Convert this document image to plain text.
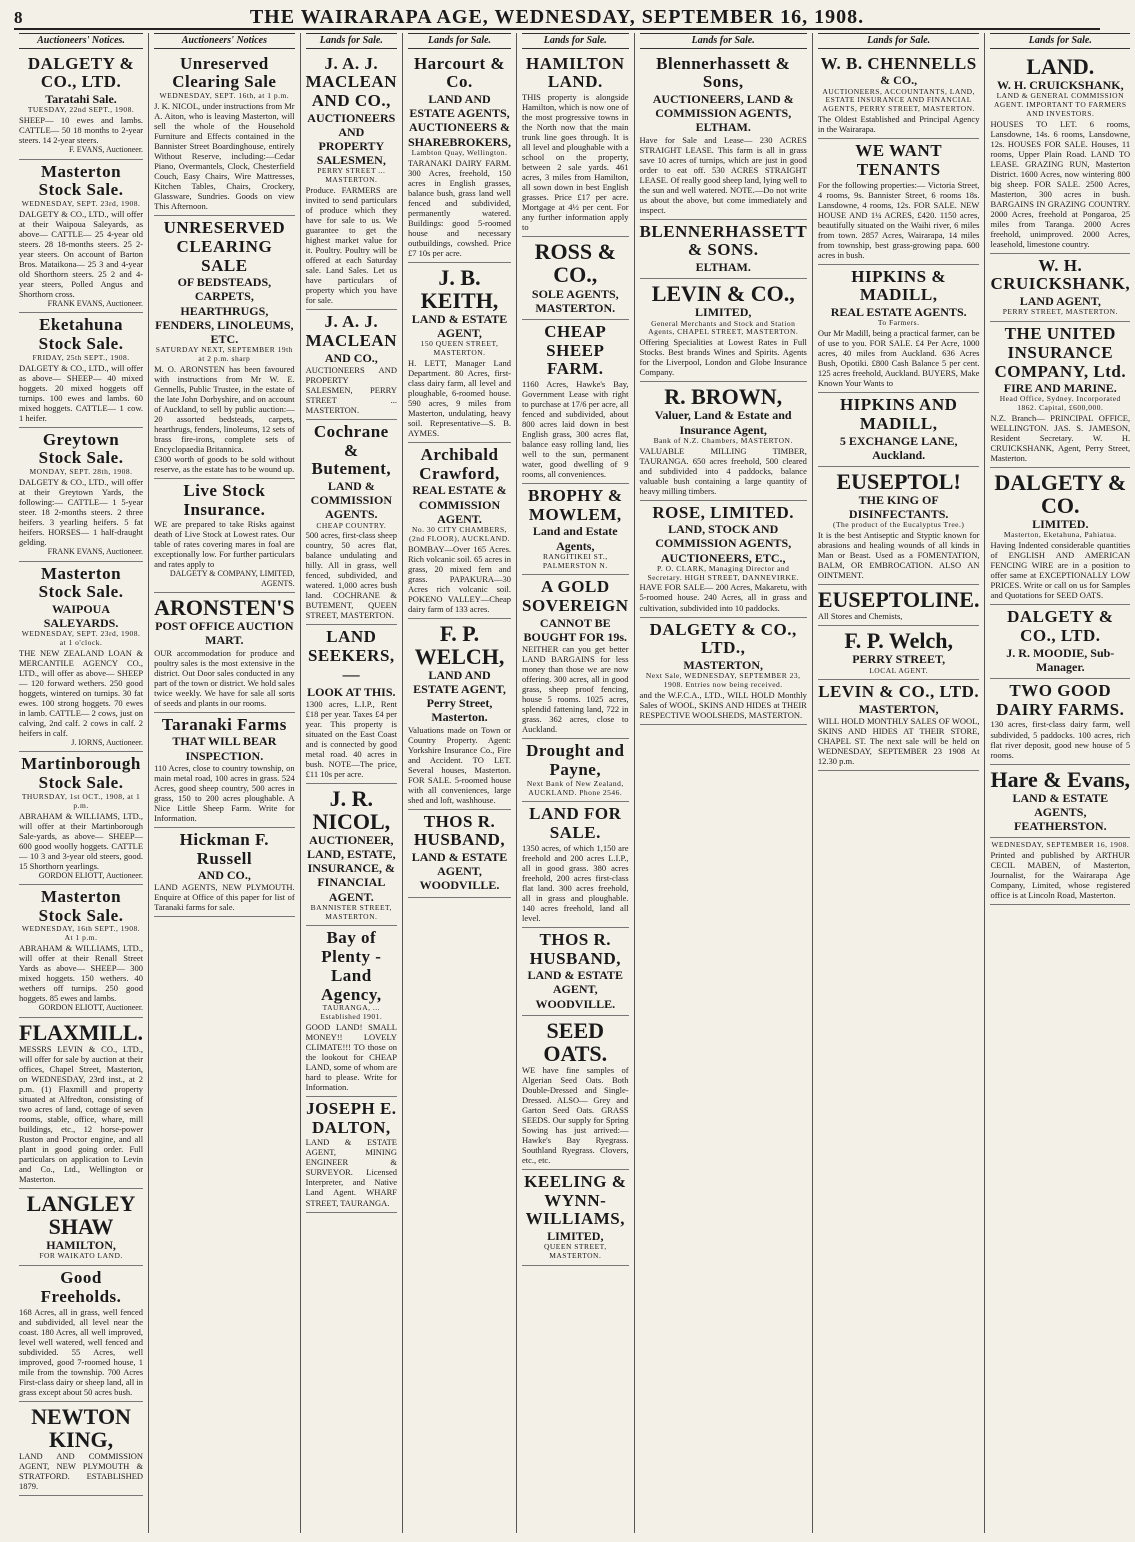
8	THE WAIRARAPA AGE, WEDNESDAY, SEPTEMBER 16, 1908.
Auctioneers' Notices.
DALGETY & CO., LTD.
Taratahi Sale.
TUESDAY, 22nd SEPT., 1908.
SHEEP— 10 ewes and lambs. CATTLE— 50 18 months to 2-year steers. 14 2-year steers.
F. EVANS, Auctioneer.
Masterton Stock Sale.
WEDNESDAY, SEPT. 23rd, 1908.
DALGETY & CO., LTD., will offer at their Waipoua Saleyards, as above— CATTLE— 25 4-year old steers. 28 18-months steers. 25 2-year steers. On account of Barton Bros. Mataikona— 25 3 and 4-year old Shorthorn steers. 25 2 and 4-year steers, Polled Angus and Shorthorn cross.
FRANK EVANS, Auctioneer.
Eketahuna Stock Sale.
FRIDAY, 25th SEPT., 1908.
DALGETY & CO., LTD., will offer as above— SHEEP— 40 mixed hoggets. 20 mixed hoggets off turnips. 100 ewes and lambs. 60 mixed hoggets. CATTLE— 1 cow. 1 heifer.
Greytown Stock Sale.
MONDAY, SEPT. 28th, 1908.
DALGETY & CO., LTD., will offer at their Greytown Yards, the following:— CATTLE— 1 5-year steer. 18 2-months steers. 2 three heifers. 3 yearling heifers. 5 fat heifers. HORSES— 1 half-draught gelding.
FRANK EVANS, Auctioneer.
Masterton Stock Sale.
WAIPOUA SALEYARDS.
WEDNESDAY, SEPT. 23rd, 1908. at 1 o'clock.
THE NEW ZEALAND LOAN & MERCANTILE AGENCY CO., LTD., will offer as above— SHEEP— 120 forward wethers. 250 good hoggets, wintered on turnips. 30 fat ewes. 100 strong hoggets. 70 ewes in lamb. CATTLE— 2 cows, just on calving, 2nd calf. 2 cows in calf. 2 heifers in calf.
J. IORNS, Auctioneer.
Martinborough Stock Sale.
THURSDAY, 1st OCT., 1908, at 1 p.m.
ABRAHAM & WILLIAMS, LTD., will offer at their Martinborough Sale-yards, as above— SHEEP— 600 good woolly hoggets. CATTLE— 10 3 and 3-year old steers, good. 15 Shorthorn yearlings.
GORDON ELIOTT, Auctioneer.
Masterton Stock Sale.
WEDNESDAY, 16th SEPT., 1908. At 1 p.m.
ABRAHAM & WILLIAMS, LTD., will offer at their Renall Street Yards as above— SHEEP— 300 mixed hoggets. 150 wethers. 40 wethers off turnips. 250 good hoggets. 85 ewes and lambs.
GORDON ELIOTT, Auctioneer.
FLAXMILL.
MESSRS LEVIN & CO., LTD., will offer for sale by auction at their offices, Chapel Street, Masterton, on WEDNESDAY, 23rd inst., at 2 p.m. (1) Flaxmill and property situated at Alfredton, consisting of two acres of land, cottage of seven rooms, stable, office, whare, mill buildings, etc., 12 horse-power Ruston and Proctor engine, and all plant in good going order. Full particulars on application to Levin and Co., Ltd., Wellington or Masterton.
LANGLEY SHAW
HAMILTON,
FOR WAIKATO LAND.
Good Freeholds.
168 Acres, all in grass, well fenced and subdivided, all level near the coast. 180 Acres, all well improved, level well watered, well fenced and subdivided. 55 Acres, well improved, good 7-roomed house, 1 mile from the township. 700 Acres First-class dairy or sheep land, all in grass except about 50 acres bush.
NEWTON KING,
LAND AND COMMISSION AGENT, NEW PLYMOUTH & STRATFORD. ESTABLISHED 1879.
Auctioneers' Notices
Unreserved Clearing Sale
WEDNESDAY, SEPT. 16th, at 1 p.m.
J. K. NICOL, under instructions from Mr A. Aiton, who is leaving Masterton, will sell the whole of the Household Furniture and Effects contained in the Bannister Street Boardinghouse, entirely Without Reserve, including:—Cedar Piano, Overmantels, Clock, Chesterfield Couch, Easy Chairs, Wire Mattresses, Kitchen Tables, Chairs, Crockery, Glassware, Sundries. Goods on view This Afternoon.
UNRESERVED CLEARING SALE
OF BEDSTEADS, CARPETS, HEARTHRUGS, FENDERS, LINOLEUMS, ETC.
SATURDAY NEXT, SEPTEMBER 19th at 2 p.m. sharp
M. O. ARONSTEN has been favoured with instructions from Mr W. E. Gennells, Public Trustee, in the estate of the late John Dorbyshire, and on account of Auckland, to sell by public auction:— 20 assorted bedsteads, carpets, hearthrugs, fenders, linoleums, 12 sets of brass fire-irons, complete sets of Encyclopaedia Britannica.
£300 worth of goods to be sold without reserve, as the estate has to be wound up.
Live Stock Insurance.
WE are prepared to take Risks against death of Live Stock at Lowest rates. Our table of rates covering mares in foal are exceptionally low. For further particulars and rates apply to
DALGETY & COMPANY, LIMITED, AGENTS.
ARONSTEN'S
POST OFFICE AUCTION MART.
OUR accommodation for produce and poultry sales is the most extensive in the district. Out Door sales conducted in any part of the town or district. We hold sales twice weekly. We have for sale all sorts of seeds and plants in our rooms.
Taranaki Farms
THAT WILL BEAR INSPECTION.
110 Acres, close to country township, on main metal road, 100 acres in grass. 524 Acres, good sheep country, 500 acres in grass, 150 to 200 acres ploughable. A Nice Little Sheep Farm. Write for Information.
Hickman F. Russell
AND CO.,
LAND AGENTS, NEW PLYMOUTH. Enquire at Office of this paper for list of Taranaki farms for sale.
Lands for Sale.
J. A. J. MACLEAN AND CO.,
AUCTIONEERS AND PROPERTY SALESMEN,
PERRY STREET ... MASTERTON.
Produce. FARMERS are invited to send particulars of produce which they have for sale to us. We guarantee to get the highest market value for it. Poultry. Poultry will be offered at each Saturday sale. Land Sales. Let us have particulars of property which you have for sale.
J. A. J. MACLEAN
AND CO.,
AUCTIONEERS AND PROPERTY SALESMEN, PERRY STREET ... MASTERTON.
Cochrane & Butement,
LAND & COMMISSION AGENTS.
CHEAP COUNTRY.
500 acres, first-class sheep country, 50 acres flat, balance undulating and hilly. All in grass, well fenced, subdivided, and watered. 1,000 acres bush land. COCHRANE & BUTEMENT, QUEEN STREET, MASTERTON.
LAND SEEKERS,—
LOOK AT THIS.
1300 acres, L.I.P., Rent £18 per year. Taxes £4 per year. This property is situated on the East Coast and is connected by good metal road. 40 acres in bush. NOTE—The price, £11 10s per acre.
J. R. NICOL,
AUCTIONEER, LAND, ESTATE, INSURANCE, & FINANCIAL AGENT.
BANNISTER STREET, MASTERTON.
Bay of Plenty - Land Agency,
TAURANGA, ... Established 1901.
GOOD LAND! SMALL MONEY!! LOVELY CLIMATE!!! TO those on the lookout for CHEAP LAND, some of whom are hard to please. Write for Information.
JOSEPH E. DALTON,
LAND & ESTATE AGENT, MINING ENGINEER & SURVEYOR. Licensed Interpreter, and Native Land Agent. WHARF STREET, TAURANGA.
Lands for Sale.
Harcourt & Co.
LAND AND ESTATE AGENTS, AUCTIONEERS & SHAREBROKERS,
Lambton Quay, Wellington.
TARANAKI DAIRY FARM. 300 Acres, freehold, 150 acres in English grasses, balance bush, grass land well fenced and subdivided, permanently watered. Buildings: good 5-roomed house and necessary outbuildings, cowshed. Price £7 10s per acre.
J. B. KEITH,
LAND & ESTATE AGENT,
150 QUEEN STREET, MASTERTON.
H. LETT, Manager Land Department. 80 Acres, first-class dairy farm, all level and ploughable, 6-roomed house. 590 acres, 9 miles from Masterton, undulating, heavy soil. Representative—S. B. AYMES.
Archibald Crawford,
REAL ESTATE & COMMISSION AGENT.
No. 30 CITY CHAMBERS, (2nd FLOOR), AUCKLAND.
BOMBAY—Over 165 Acres. Rich volcanic soil. 65 acres in grass, 20 mixed fern and grass. PAPAKURA—30 Acres rich volcanic soil. POKENO VALLEY—Cheap dairy farm of 133 acres.
F. P. WELCH,
LAND AND ESTATE AGENT, Perry Street, Masterton.
Valuations made on Town or Country Property. Agent: Yorkshire Insurance Co., Fire and Accident. TO LET. Several houses, Masterton. FOR SALE. 5-roomed house with all conveniences, large shed and loft, washhouse.
THOS R. HUSBAND,
LAND & ESTATE AGENT, WOODVILLE.
Lands for Sale.
HAMILTON LAND.
THIS property is alongside Hamilton, which is now one of the most progressive towns in the North now that the main trunk line goes through. It is all level and ploughable with a school on the property, between 2 sale yards. 461 acres, 3 miles from Hamilton, all sown down in best English grasses. Price £17 per acre. Mortgage at 4½ per cent. For any further information apply to
ROSS & CO.,
SOLE AGENTS, MASTERTON.
CHEAP SHEEP FARM.
1160 Acres, Hawke's Bay, Government Lease with right to purchase at 17/6 per acre, all fenced and subdivided, about 800 acres laid down in best English grass, 300 acres flat, balance easy rolling land, lies well to the sun, permanent water, good dwelling of 9 rooms, all conveniences.
BROPHY & MOWLEM,
Land and Estate Agents,
RANGITIKEI ST., PALMERSTON N.
A GOLD SOVEREIGN
CANNOT BE BOUGHT FOR 19s.
NEITHER can you get better LAND BARGAINS for less money than those we are now offering. 300 acres, all in good grass, sheep proof fencing, house 5 rooms. 1025 acres, splendid fattening land, 722 in grass. 362 acres, close to Auckland.
Drought and Payne,
Next Bank of New Zealand, AUCKLAND. Phone 2546.
LAND FOR SALE.
1350 acres, of which 1,150 are freehold and 200 acres L.I.P., all in good grass. 380 acres freehold, 200 acres first-class flat land. 300 acres freehold, all in grass and ploughable. 140 acres freehold, land all level.
THOS R. HUSBAND,
LAND & ESTATE AGENT, WOODVILLE.
SEED OATS.
WE have fine samples of Algerian Seed Oats. Both Double-Dressed and Single-Dressed. ALSO— Grey and Garton Seed Oats. GRASS SEEDS. Our supply for Spring Sowing has just arrived:— Hawke's Bay Ryegrass. Southland Ryegrass. Clovers, etc., etc.
KEELING & WYNN-WILLIAMS,
LIMITED,
QUEEN STREET, MASTERTON.
Lands for Sale.
Blennerhassett & Sons,
AUCTIONEERS, LAND & COMMISSION AGENTS, ELTHAM.
Have for Sale and Lease— 230 ACRES STRAIGHT LEASE. This farm is all in grass save 10 acres of turnips, which are just in good order to eat off. 530 ACRES STRAIGHT LEASE. Of really good sheep land, lying well to the sun and well watered. NOTE.—Do not write us about the above, but come immediately and inspect.
BLENNERHASSETT & SONS.
ELTHAM.
LEVIN & CO.,
LIMITED,
General Merchants and Stock and Station Agents, CHAPEL STREET, MASTERTON.
Offering Specialities at Lowest Rates in Full Stocks. Best brands Wines and Spirits. Agents for the Liverpool, London and Globe Insurance Company.
R. BROWN,
Valuer, Land & Estate and Insurance Agent,
Bank of N.Z. Chambers, MASTERTON.
VALUABLE MILLING TIMBER, TAURANGA. 650 acres freehold, 500 cleared and subdivided into 4 paddocks, balance valuable bush containing a large quantity of heavy milling timbers.
ROSE, LIMITED.
LAND, STOCK AND COMMISSION AGENTS, AUCTIONEERS, ETC.,
P. O. CLARK, Managing Director and Secretary. HIGH STREET, DANNEVIRKE.
HAVE FOR SALE— 200 Acres, Makaretu, with 5-roomed house. 240 Acres, all in grass and cultivation, subdivided into 10 paddocks.
DALGETY & CO., LTD.,
MASTERTON,
Next Sale, WEDNESDAY, SEPTEMBER 23, 1908. Entries now being received.
and the W.F.C.A., LTD., WILL HOLD Monthly Sales of WOOL, SKINS AND HIDES at THEIR RESPECTIVE WOOLSHEDS, MASTERTON.
Lands for Sale.
W. B. CHENNELLS
& CO.,
AUCTIONEERS, ACCOUNTANTS, LAND, ESTATE INSURANCE AND FINANCIAL AGENTS, PERRY STREET, MASTERTON.
The Oldest Established and Principal Agency in the Wairarapa.
WE WANT TENANTS
For the following properties:— Victoria Street, 4 rooms, 9s. Bannister Street, 6 rooms 18s. Lansdowne, 4 rooms, 12s. FOR SALE. NEW HOUSE AND 1¼ ACRES, £420. 1150 acres, beautifully situated on the Waihi river, 6 miles from town. 2857 Acres, Wairarapa, 14 miles from township, best grass-growing papa. 600 acres in bush.
HIPKINS & MADILL,
REAL ESTATE AGENTS.
To Farmers.
Our Mr Madill, being a practical farmer, can be of use to you. FOR SALE. £4 Per Acre, 1000 acres, 40 miles from Auckland. 636 Acres Bush, Opotiki. £800 Cash Balance 5 per cent. 125 acres freehold, Auckland. BUYERS, Make Known Your Wants to
HIPKINS AND MADILL,
5 EXCHANGE LANE, Auckland.
EUSEPTOL!
THE KING OF DISINFECTANTS.
(The product of the Eucalyptus Tree.)
It is the best Antiseptic and Styptic known for abrasions and healing wounds of all kinds in Man or Beast. Used as a FOMENTATION, BALM, OR EMBROCATION. ALSO AN OINTMENT.
EUSEPTOLINE.
All Stores and Chemists,
F. P. Welch,
PERRY STREET,
LOCAL AGENT.
LEVIN & CO., LTD.
MASTERTON,
WILL HOLD MONTHLY SALES OF WOOL, SKINS AND HIDES AT THEIR STORE, CHAPEL ST. The next sale will be held on WEDNESDAY, SEPTEMBER 23 1908 At 12.30 p.m.
Lands for Sale.
LAND.
W. H. CRUICKSHANK,
LAND & GENERAL COMMISSION AGENT. IMPORTANT TO FARMERS AND INVESTORS.
HOUSES TO LET. 6 rooms, Lansdowne, 14s. 6 rooms, Lansdowne, 12s. HOUSES FOR SALE. Houses, 11 rooms, Upper Plain Road. LAND TO LEASE. GRAZING RUN, Masterton District. 1600 Acres, now wintering 800 big sheep. FOR SALE. 2500 Acres, Masterton, 300 acres in bush. BARGAINS IN GRAZING COUNTRY. 2000 Acres, freehold at Pongaroa, 25 miles from Taranga. 2000 Acres freehold, unimproved. 2000 Acres, leasehold, limestone country.
W. H. CRUICKSHANK,
LAND AGENT,
PERRY STREET, MASTERTON.
THE UNITED INSURANCE COMPANY, Ltd.
FIRE AND MARINE.
Head Office, Sydney. Incorporated 1862. Capital, £600,000.
N.Z. Branch— PRINCIPAL OFFICE, WELLINGTON. JAS. S. JAMESON, Resident Secretary. W. H. CRUICKSHANK, Agent, Perry Street, Masterton.
DALGETY & CO.
LIMITED.
Masterton, Eketahuna, Pahiatua.
Having Indented considerable quantities of ENGLISH AND AMERICAN FENCING WIRE are in a position to offer same at EXCEPTIONALLY LOW PRICES. Write or call on us for Samples and Quotations for SEED OATS.
DALGETY & CO., LTD.
J. R. MOODIE, Sub-Manager.
TWO GOOD DAIRY FARMS.
130 acres, first-class dairy farm, well subdivided, 5 paddocks. 100 acres, rich flat river deposit, good new house of 5 rooms.
Hare & Evans,
LAND & ESTATE AGENTS, FEATHERSTON.
WEDNESDAY, SEPTEMBER 16, 1908.
Printed and published by ARTHUR CECIL MABEN, of Masterton, Journalist, for the Wairarapa Age Company, Limited, whose registered office is at Lincoln Road, Masterton.
